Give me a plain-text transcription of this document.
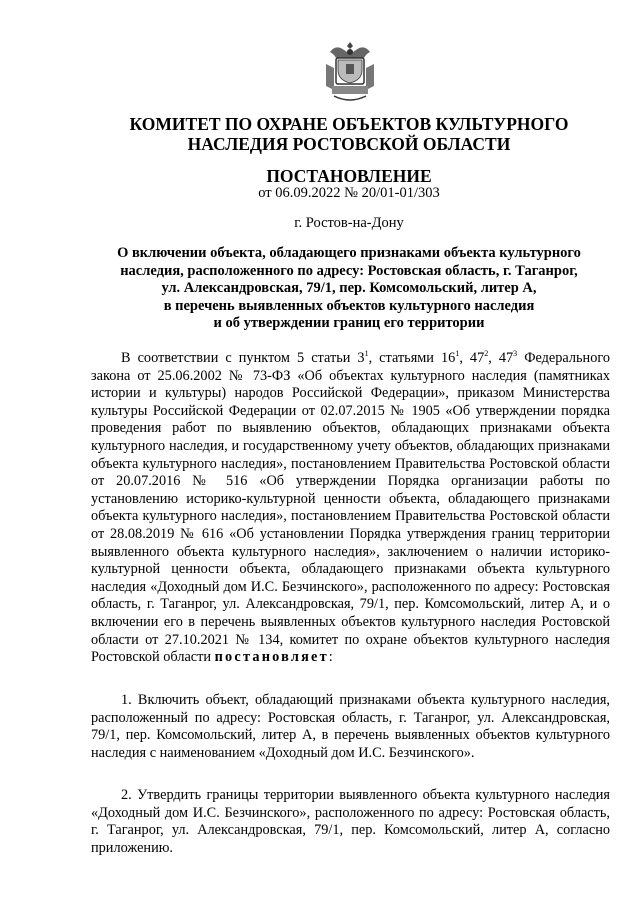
КОМИТЕТ ПО ОХРАНЕ ОБЪЕКТОВ КУЛЬТУРНОГО
НАСЛЕДИЯ РОСТОВСКОЙ ОБЛАСТИ
ПОСТАНОВЛЕНИЕ
от 06.09.2022 № 20/01-01/303
г. Ростов-на-Дону
О включении объекта, обладающего признаками объекта культурного
наследия, расположенного по адресу: Ростовская область, г. Таганрог,
ул. Александровская, 79/1, пер. Комсомольский, литер А,
в перечень выявленных объектов культурного наследия
и об утверждении границ его территории

В соответствии с пунктом 5 статьи $3^1$, статьями $16^1$, $47^2$, $47^3$ Федерального закона от 25.06.2002 № 73-ФЗ «Об объектах культурного наследия (памятниках истории и культуры) народов Российской Федерации», приказом Министерства культуры Российской Федерации от 02.07.2015 № 1905 «Об утверждении порядка проведения работ по выявлению объектов, обладающих признаками объекта культурного наследия, и государственному учету объектов, обладающих признаками объекта культурного наследия», постановлением Правительства Ростовской области от 20.07.2016 № 516 «Об утверждении Порядка организации работы по установлению историко-культурной ценности объекта, обладающего признаками объекта культурного наследия», постановлением Правительства Ростовской области от 28.08.2019 № 616 «Об установлении Порядка утверждения границ территории выявленного объекта культурного наследия», заключением о наличии историко-культурной ценности объекта, обладающего признаками объекта культурного наследия «Доходный дом И.С. Безчинского», расположенного по адресу: Ростовская область, г. Таганрог, ул. Александровская, 79/1, пер. Комсомольский, литер А, и о включении его в перечень выявленных объектов культурного наследия Ростовской области от 27.10.2021 № 134, комитет по охране объектов культурного наследия Ростовской области постановляет:

1. Включить объект, обладающий признаками объекта культурного наследия, расположенный по адресу: Ростовская область, г. Таганрог, ул. Александровская, 79/1, пер. Комсомольский, литер А, в перечень выявленных объектов культурного наследия с наименованием «Доходный дом И.С. Безчинского».

2. Утвердить границы территории выявленного объекта культурного наследия «Доходный дом И.С. Безчинского», расположенного по адресу: Ростовская область, г. Таганрог, ул. Александровская, 79/1, пер. Комсомольский, литер А, согласно приложению.
